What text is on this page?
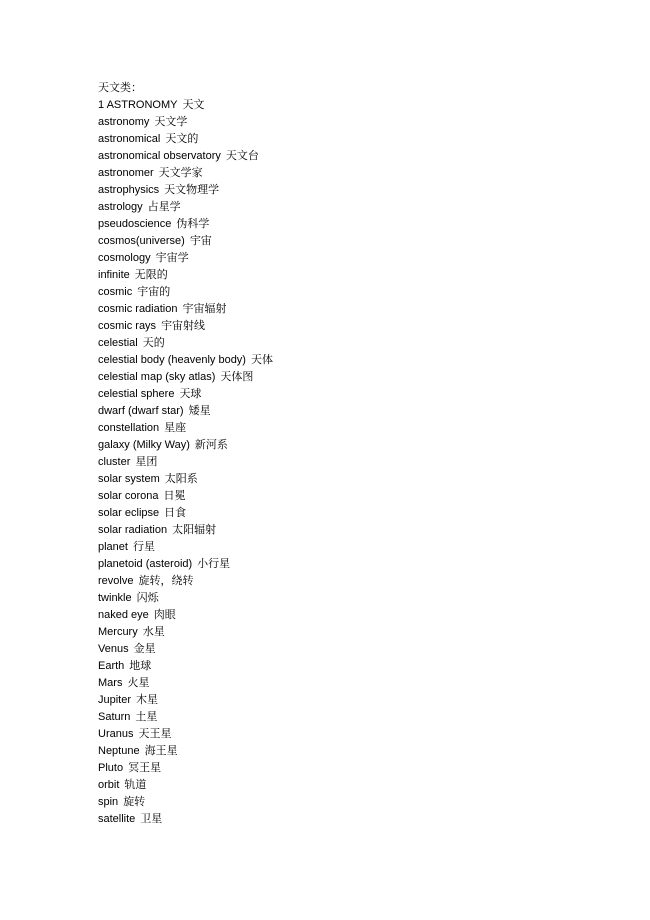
天文类：
1 ASTRONOMY 天文
astronomy 天文学
astronomical 天文的
astronomical observatory 天文台
astronomer 天文学家
astrophysics 天文物理学
astrology 占星学
pseudoscience 伪科学
cosmos(universe) 宇宙
cosmology 宇宙学
infinite 无限的
cosmic 宇宙的
cosmic radiation 宇宙辐射
cosmic rays 宇宙射线
celestial 天的
celestial body (heavenly body) 天体
celestial map (sky atlas) 天体图
celestial sphere 天球
dwarf (dwarf star) 矮星
constellation 星座
galaxy (Milky Way) 新河系
cluster 星团
solar system 太阳系
solar corona 日冕
solar eclipse 日食
solar radiation 太阳辐射
planet 行星
planetoid (asteroid) 小行星
revolve 旋转，绕转
twinkle 闪烁
naked eye 肉眼
Mercury 水星
Venus 金星
Earth 地球
Mars 火星
Jupiter 木星
Saturn 土星
Uranus 天王星
Neptune 海王星
Pluto 冥王星
orbit 轨道
spin 旋转
satellite 卫星
